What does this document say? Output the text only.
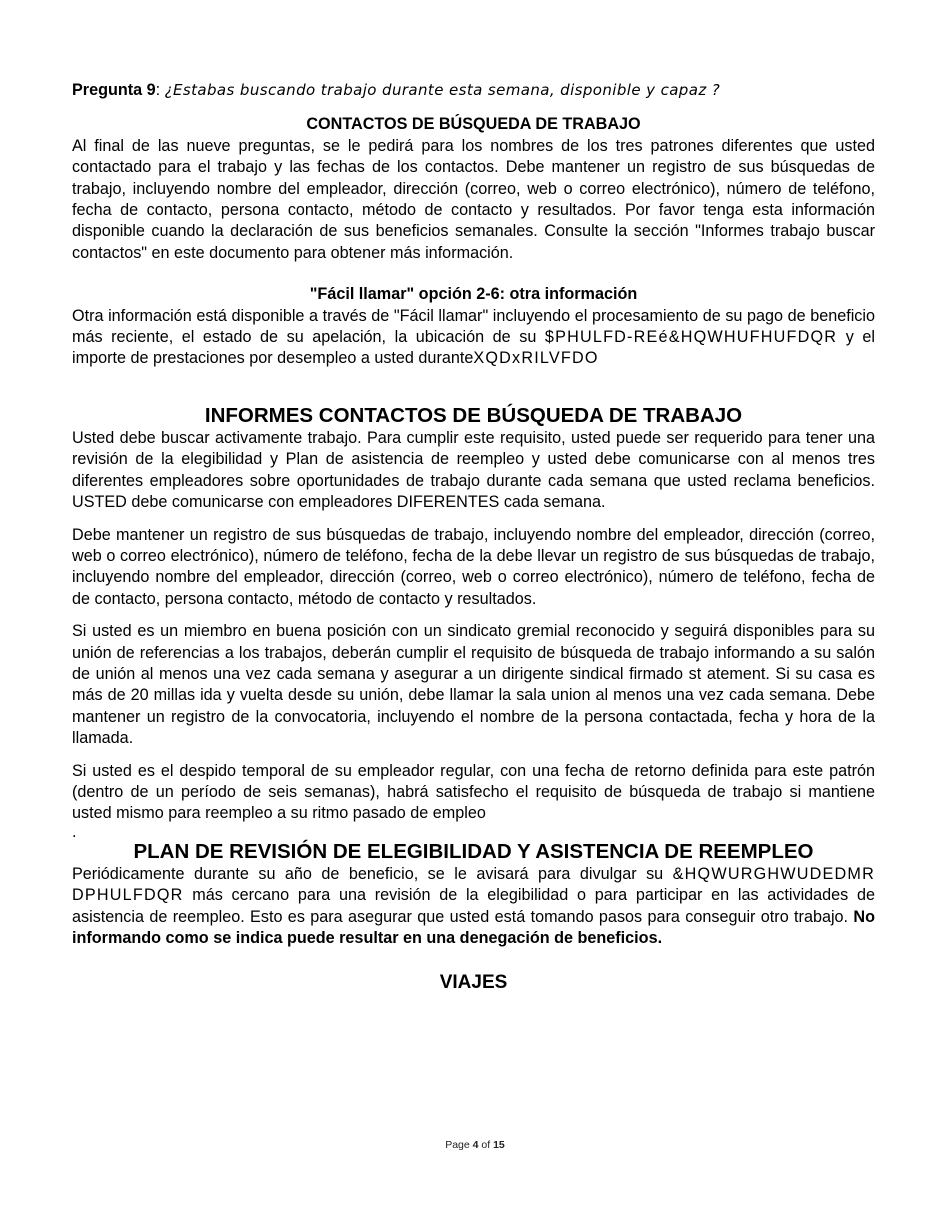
Pregunta 9: ¿Estabas buscando trabajo durante esta semana, disponible y capaz ?

CONTACTOS DE BÚSQUEDA DE TRABAJO

Al final de las nueve preguntas, se le pedirá para los nombres de los tres patrones diferentes que usted contactado para el trabajo y las fechas de los contactos. Debe mantener un registro de sus búsquedas de trabajo, incluyendo nombre del empleador, dirección (correo, web o correo electrónico), número de teléfono, fecha de contacto, persona contacto, método de contacto y resultados. Por favor tenga esta información disponible cuando la declaración de sus beneficios semanales. Consulte la sección "Informes trabajo buscar contactos" en este documento para obtener más información.

"Fácil llamar" opción 2-6: otra información

Otra información está disponible a través de "Fácil llamar" incluyendo el procesamiento de su pago de beneficio más reciente, el estado de su apelación, la ubicación de su $PHULFD-REé&HQWHUFHUFDQR y el importe de prestaciones por desempleo a usted duranteXQDxRILVFDO

INFORMES CONTACTOS DE BÚSQUEDA DE TRABAJO

Usted debe buscar activamente trabajo. Para cumplir este requisito, usted puede ser requerido para tener una revisión de la elegibilidad y Plan de asistencia de reempleo y usted debe comunicarse con al menos tres diferentes empleadores sobre oportunidades de trabajo durante cada semana que usted reclama beneficios. USTED debe comunicarse con empleadores DIFERENTES cada semana.

Debe mantener un registro de sus búsquedas de trabajo, incluyendo nombre del empleador, dirección (correo, web o correo electrónico), número de teléfono, fecha de la debe llevar un registro de sus búsquedas de trabajo, incluyendo nombre del empleador, dirección (correo, web o correo electrónico), número de teléfono, fecha de de contacto, persona contacto, método de contacto y resultados.

Si usted es un miembro en buena posición con un sindicato gremial reconocido y seguirá disponibles para su unión de referencias a los trabajos, deberán cumplir el requisito de búsqueda de trabajo informando a su salón de unión al menos una vez cada semana y asegurar a un dirigente sindical firmado st atement. Si su casa es más de 20 millas ida y vuelta desde su unión, debe llamar la sala union al menos una vez cada semana. Debe mantener un registro de la convocatoria, incluyendo el nombre de la persona contactada, fecha y hora de la llamada.

Si usted es el despido temporal de su empleador regular, con una fecha de retorno definida para este patrón (dentro de un período de seis semanas), habrá satisfecho el requisito de búsqueda de trabajo si mantiene usted mismo para reempleo a su ritmo pasado de empleo

.

PLAN DE REVISIÓN DE ELEGIBILIDAD Y ASISTENCIA DE REEMPLEO

Periódicamente durante su año de beneficio, se le avisará para divulgar su &HQWURGHWUDEDMR DPHULFDQR más cercano para una revisión de la elegibilidad o para participar en las actividades de asistencia de reempleo. Esto es para asegurar que usted está tomando pasos para conseguir otro trabajo. No informando como se indica puede resultar en una denegación de beneficios.

VIAJES

Page 4 of 15
